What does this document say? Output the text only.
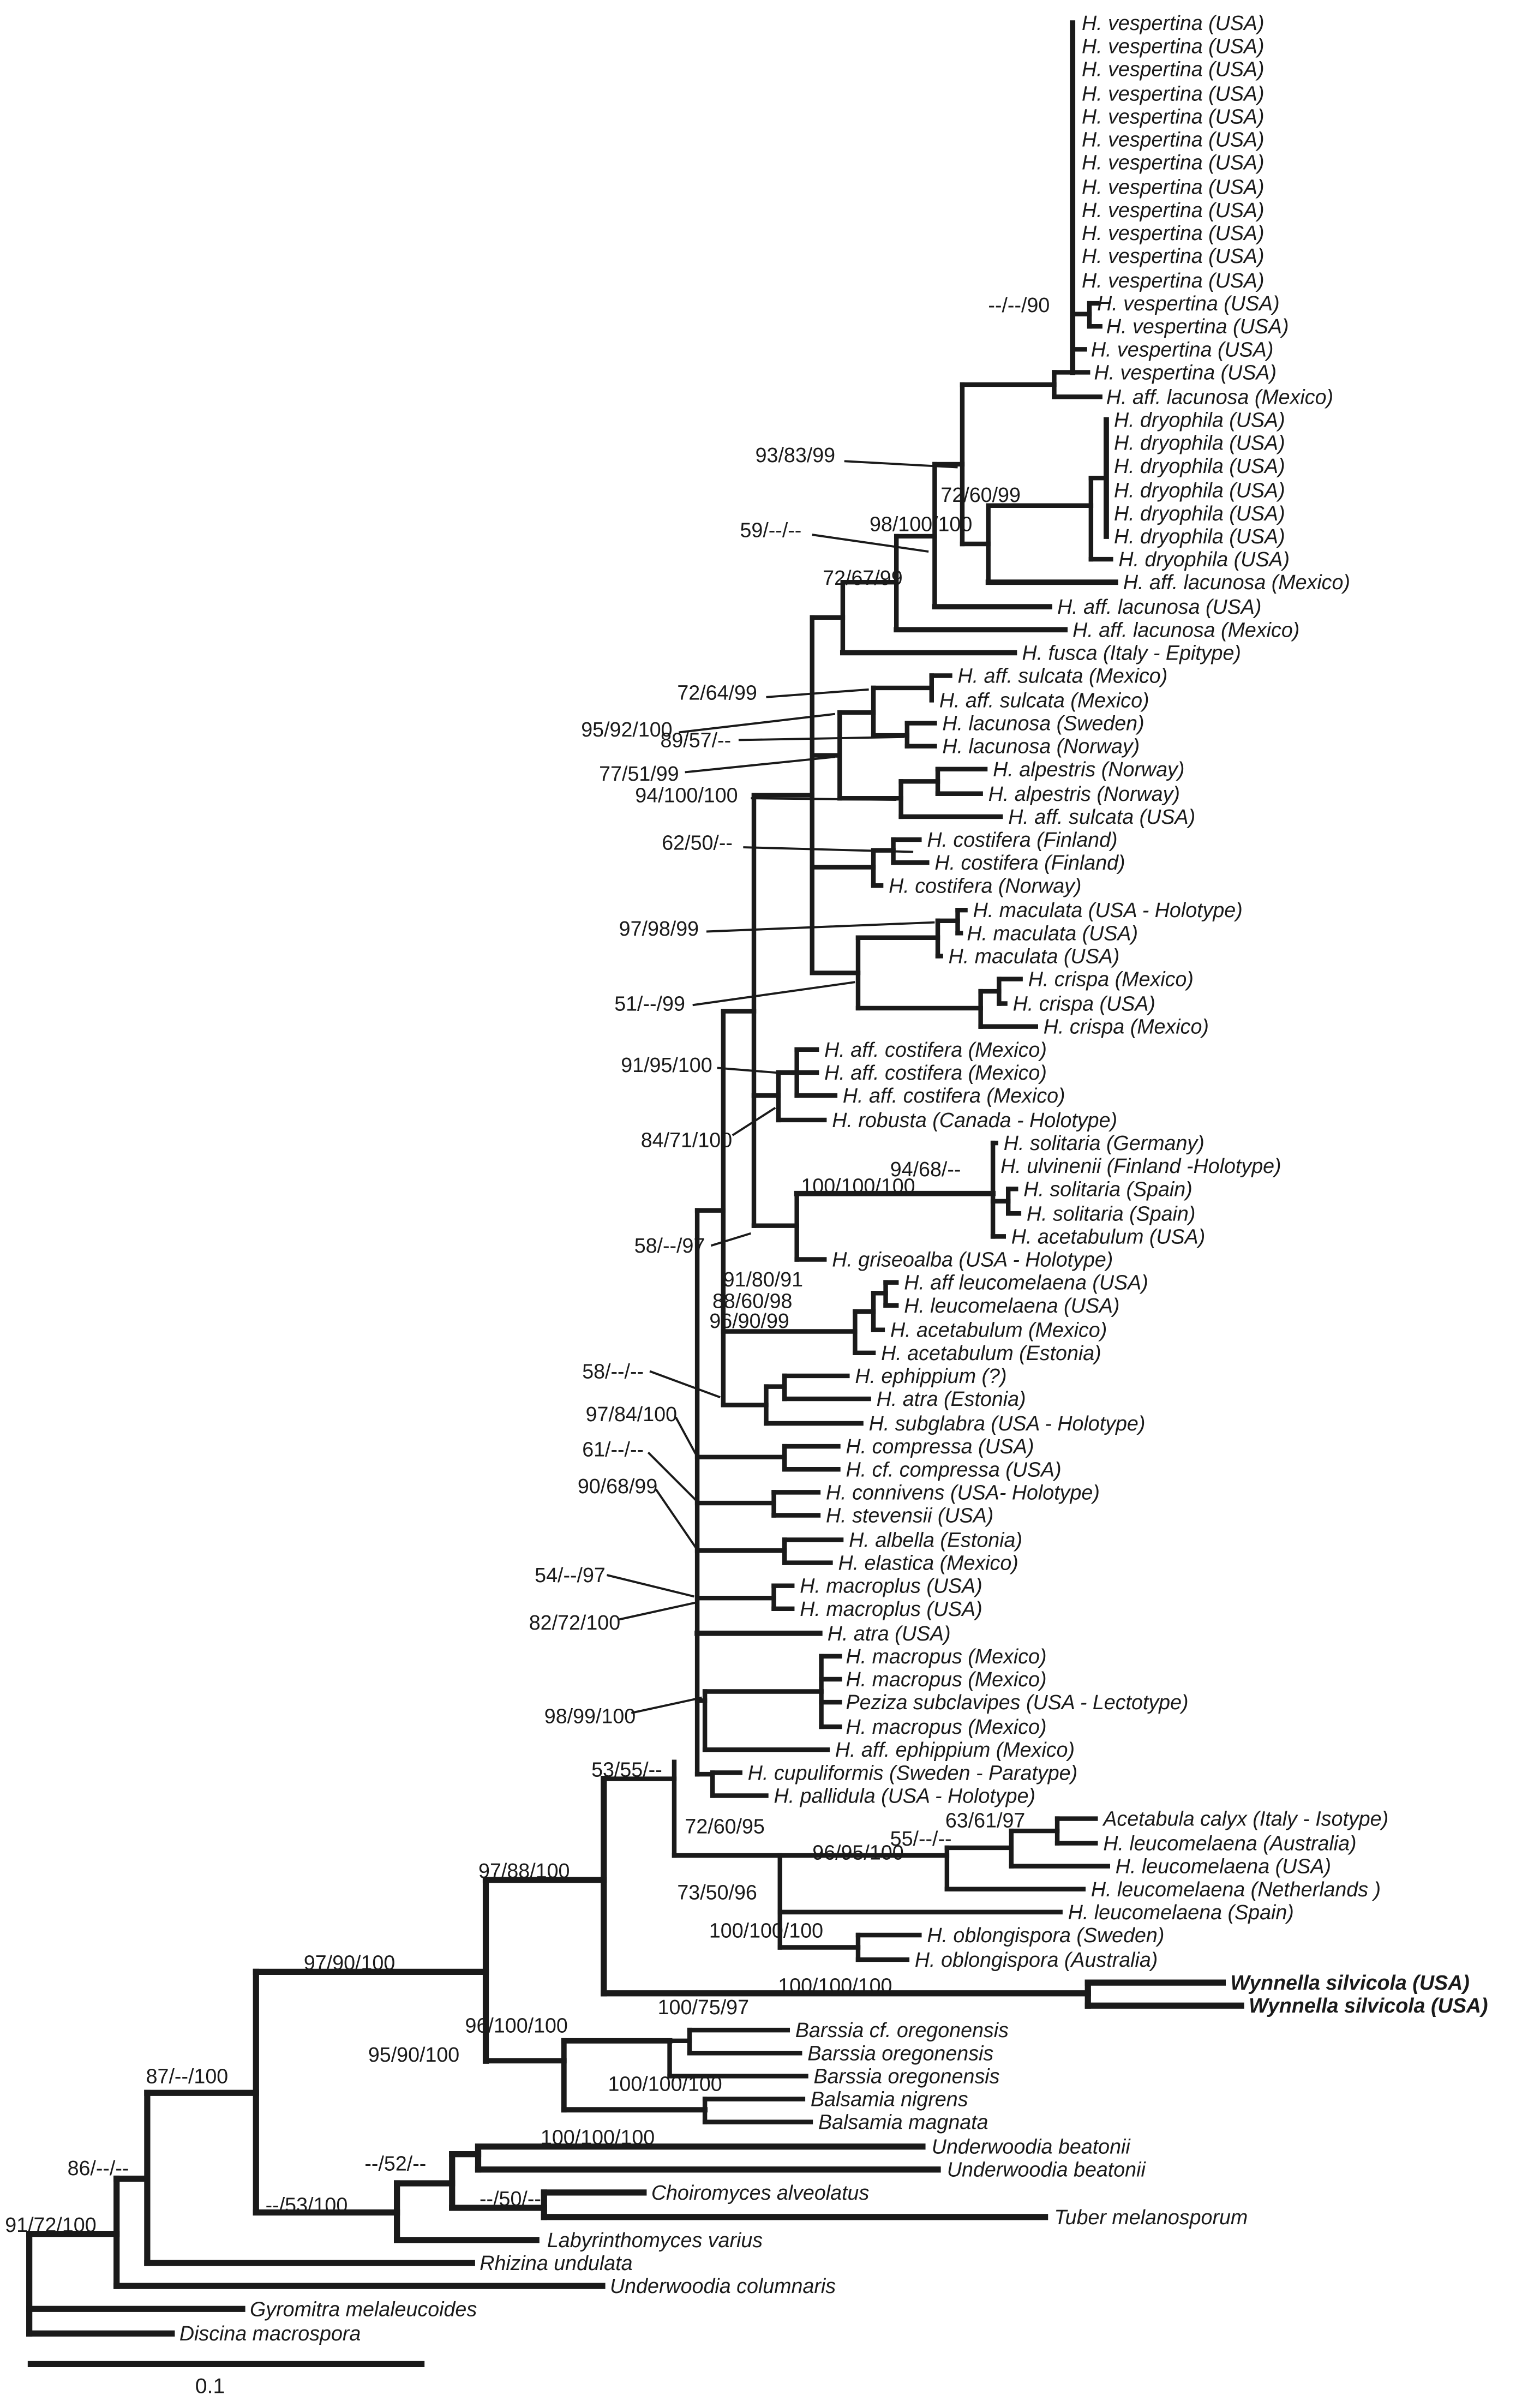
H. vespertina (USA)
H. vespertina (USA)
H. vespertina (USA)
H. vespertina (USA)
H. vespertina (USA)
H. vespertina (USA)
H. vespertina (USA)
H. vespertina (USA)
H. vespertina (USA)
H. vespertina (USA)
H. vespertina (USA)
H. vespertina (USA)
H. vespertina (USA)
H. vespertina (USA)
H. vespertina (USA)
H. vespertina (USA)
H. aff. lacunosa (Mexico)
H. dryophila (USA)
H. dryophila (USA)
H. dryophila (USA)
H. dryophila (USA)
H. dryophila (USA)
H. dryophila (USA)
H. dryophila (USA)
H. aff. lacunosa (Mexico)
H. aff. lacunosa (USA)
H. aff. lacunosa (Mexico)
H. fusca (Italy - Epitype)
H. aff. sulcata (Mexico)
H. aff. sulcata (Mexico)
H. lacunosa (Sweden)
H. lacunosa (Norway)
H. alpestris (Norway)
H. alpestris (Norway)
H. aff. sulcata (USA)
H. costifera (Finland)
H. costifera (Finland)
H. costifera (Norway)
H. maculata (USA - Holotype)
H. maculata (USA)
H. maculata (USA)
H. crispa (Mexico)
H. crispa (USA)
H. crispa (Mexico)
H. aff. costifera (Mexico)
H. aff. costifera (Mexico)
H. aff. costifera (Mexico)
H. robusta (Canada - Holotype)
H. solitaria (Germany)
H. ulvinenii (Finland -Holotype)
H. solitaria (Spain)
H. solitaria (Spain)
H. acetabulum (USA)
H. griseoalba (USA - Holotype)
H. aff leucomelaena (USA)
H. leucomelaena (USA)
H. acetabulum (Mexico)
H. acetabulum (Estonia)
H. ephippium (?)
H. atra (Estonia)
H. subglabra (USA - Holotype)
H. compressa (USA)
H. cf. compressa (USA)
H. connivens (USA- Holotype)
H. stevensii (USA)
H. albella (Estonia)
H. elastica (Mexico)
H. macroplus (USA)
H. macroplus (USA)
H. atra (USA)
H. macropus (Mexico)
H. macropus (Mexico)
Peziza subclavipes (USA - Lectotype)
H. macropus (Mexico)
H. aff. ephippium (Mexico)
H. cupuliformis (Sweden - Paratype)
H. pallidula (USA - Holotype)
Acetabula calyx (Italy - Isotype)
H. leucomelaena (Australia)
H. leucomelaena (USA)
H. leucomelaena (Netherlands )
H. leucomelaena (Spain)
H. oblongispora (Sweden)
H. oblongispora (Australia)
Wynnella silvicola (USA)
Wynnella silvicola (USA)
Barssia cf. oregonensis
Barssia oregonensis
Barssia oregonensis
Balsamia nigrens
Balsamia magnata
Underwoodia beatonii
Underwoodia beatonii
Choiromyces alveolatus
Tuber melanosporum
Labyrinthomyces varius
Rhizina undulata
Underwoodia columnaris
Gyromitra melaleucoides
Discina macrospora
--/--/90
93/83/99
72/60/99
59/--/--	98/100/100
72/67/99
72/64/99
95/92/100
89/57/--
77/51/99
94/100/100
62/50/--
97/98/99
51/--/99
91/95/100
84/71/100
94/68/--
100/100/100
58/--/97
91/80/91
88/60/98
96/90/99
58/--/--
97/84/100
61/--/--
90/68/99
54/--/97
82/72/100
98/99/100
53/55/--
72/60/95	63/61/97
55/--/--
96/95/100
73/50/96
100/100/100
100/100/100
100/75/97
96/100/100
95/90/100
100/100/100
100/100/100
97/88/100
97/90/100
87/--/100
--/53/100
--/52/--
--/50/--
86/--/--
91/72/100
0.1
